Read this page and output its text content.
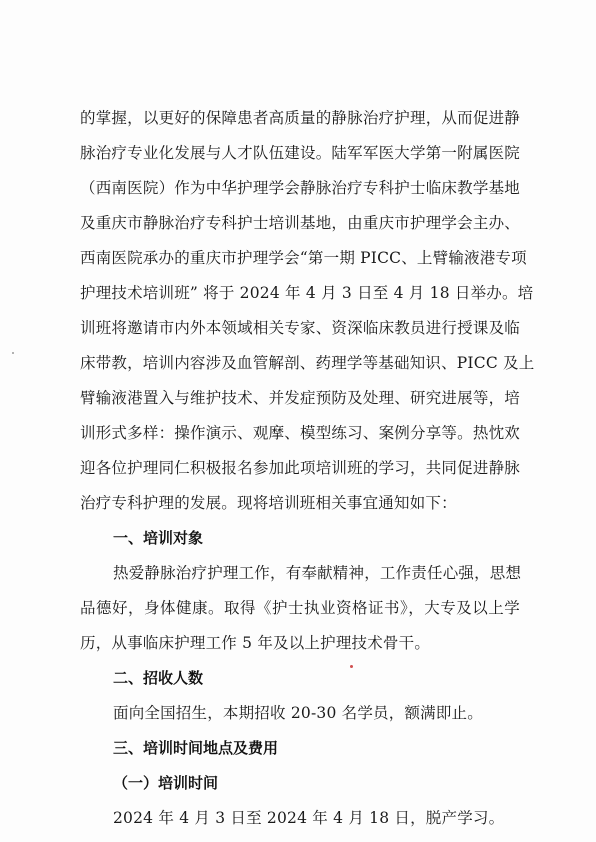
的掌握，以更好的保障患者高质量的静脉治疗护理，从而促进静
脉治疗专业化发展与人才队伍建设。陆军军医大学第一附属医院
（西南医院）作为中华护理学会静脉治疗专科护士临床教学基地
及重庆市静脉治疗专科护士培训基地，由重庆市护理学会主办、
西南医院承办的重庆市护理学会“第一期 PICC、上臂输液港专项
护理技术培训班” 将于 2024 年 4 月 3 日至 4 月 18 日举办。培
训班将邀请市内外本领域相关专家、资深临床教员进行授课及临
床带教，培训内容涉及血管解剖、药理学等基础知识、PICC 及上
臂输液港置入与维护技术、并发症预防及处理、研究进展等，培
训形式多样：操作演示、观摩、模型练习、案例分享等。热忱欢
迎各位护理同仁积极报名参加此项培训班的学习，共同促进静脉
治疗专科护理的发展。现将培训班相关事宜通知如下：
一、培训对象
热爱静脉治疗护理工作，有奉献精神，工作责任心强，思想
品德好，身体健康。取得《护士执业资格证书》，大专及以上学
历，从事临床护理工作 5 年及以上护理技术骨干。
二、招收人数
面向全国招生，本期招收 20-30 名学员，额满即止。
三、培训时间地点及费用
（一）培训时间
2024 年 4 月 3 日至 2024 年 4 月 18 日，脱产学习。
